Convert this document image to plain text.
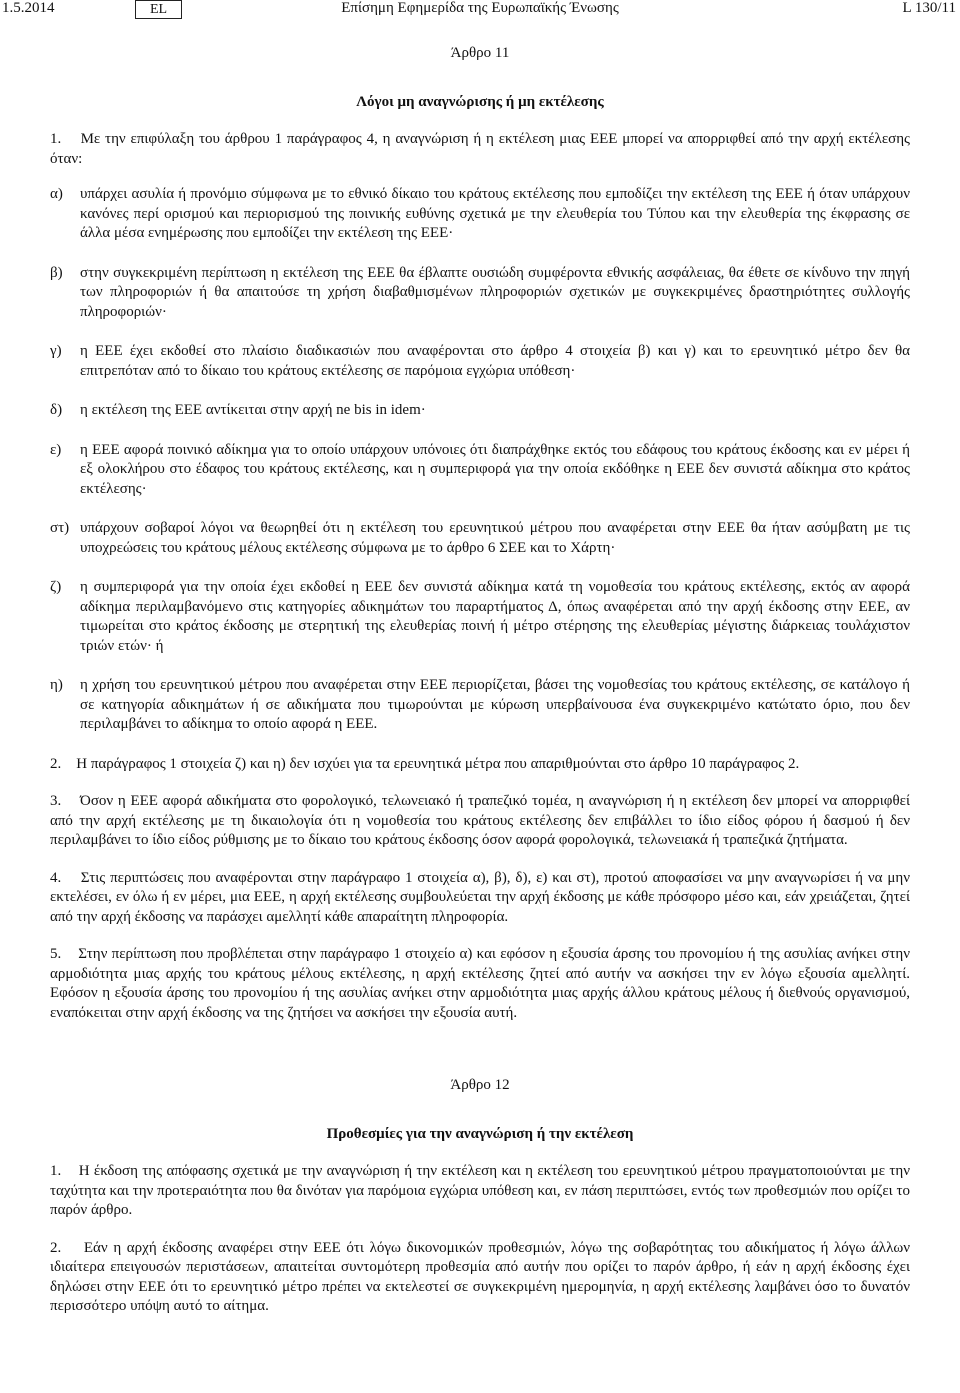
1.5.2014	EL	Επίσημη Εφημερίδα της Ευρωπαϊκής Ένωσης	L 130/11

Άρθρο 11

Λόγοι μη αναγνώρισης ή μη εκτέλεσης

1. Με την επιφύλαξη του άρθρου 1 παράγραφος 4, η αναγνώριση ή η εκτέλεση μιας ΕΕΕ μπορεί να απορριφθεί από την αρχή εκτέλεσης όταν:

α)	υπάρχει ασυλία ή προνόμιο σύμφωνα με το εθνικό δίκαιο του κράτους εκτέλεσης που εμποδίζει την εκτέλεση της ΕΕΕ ή όταν υπάρχουν κανόνες περί ορισμού και περιορισμού της ποινικής ευθύνης σχετικά με την ελευθερία του Τύπου και την ελευθερία της έκφρασης σε άλλα μέσα ενημέρωσης που εμποδίζει την εκτέλεση της ΕΕΕ·
β)	στην συγκεκριμένη περίπτωση η εκτέλεση της ΕΕΕ θα έβλαπτε ουσιώδη συμφέροντα εθνικής ασφάλειας, θα έθετε σε κίνδυνο την πηγή των πληροφοριών ή θα απαιτούσε τη χρήση διαβαθμισμένων πληροφοριών σχετικών με συγκεκριμένες δραστηριότητες συλλογής πληροφοριών·
γ)	η ΕΕΕ έχει εκδοθεί στο πλαίσιο διαδικασιών που αναφέρονται στο άρθρο 4 στοιχεία β) και γ) και το ερευνητικό μέτρο δεν θα επιτρεπόταν από το δίκαιο του κράτους εκτέλεσης σε παρόμοια εγχώρια υπόθεση·
δ)	η εκτέλεση της ΕΕΕ αντίκειται στην αρχή ne bis in idem·
ε)	η ΕΕΕ αφορά ποινικό αδίκημα για το οποίο υπάρχουν υπόνοιες ότι διαπράχθηκε εκτός του εδάφους του κράτους έκδοσης και εν μέρει ή εξ ολοκλήρου στο έδαφος του κράτους εκτέλεσης, και η συμπεριφορά για την οποία εκδόθηκε η ΕΕΕ δεν συνιστά αδίκημα στο κράτος εκτέλεσης·
στ) υπάρχουν σοβαροί λόγοι να θεωρηθεί ότι η εκτέλεση του ερευνητικού μέτρου που αναφέρεται στην ΕΕΕ θα ήταν ασύμβατη με τις υποχρεώσεις του κράτους μέλους εκτέλεσης σύμφωνα με το άρθρο 6 ΣΕΕ και το Χάρτη·
ζ)	η συμπεριφορά για την οποία έχει εκδοθεί η ΕΕΕ δεν συνιστά αδίκημα κατά τη νομοθεσία του κράτους εκτέλεσης, εκτός αν αφορά αδίκημα περιλαμβανόμενο στις κατηγορίες αδικημάτων του παραρτήματος Δ, όπως αναφέρεται από την αρχή έκδοσης στην ΕΕΕ, αν τιμωρείται στο κράτος έκδοσης με στερητική της ελευθερίας ποινή ή μέτρο στέρησης της ελευθερίας μέγιστης διάρκειας τουλάχιστον τριών ετών· ή
η)	η χρήση του ερευνητικού μέτρου που αναφέρεται στην ΕΕΕ περιορίζεται, βάσει της νομοθεσίας του κράτους εκτέλεσης, σε κατάλογο ή σε κατηγορία αδικημάτων ή σε αδικήματα που τιμωρούνται με κύρωση υπερβαίνουσα ένα συγκεκριμένο κατώτατο όριο, που δεν περιλαμβάνει το αδίκημα το οποίο αφορά η ΕΕΕ.

2. Η παράγραφος 1 στοιχεία ζ) και η) δεν ισχύει για τα ερευνητικά μέτρα που απαριθμούνται στο άρθρο 10 παράγραφος 2.

3. Όσον η ΕΕΕ αφορά αδικήματα στο φορολογικό, τελωνειακό ή τραπεζικό τομέα, η αναγνώριση ή η εκτέλεση δεν μπορεί να απορριφθεί από την αρχή εκτέλεσης με τη δικαιολογία ότι η νομοθεσία του κράτους εκτέλεσης δεν επιβάλλει το ίδιο είδος φόρου ή δασμού ή δεν περιλαμβάνει το ίδιο είδος ρύθμισης με το δίκαιο του κράτους έκδοσης όσον αφορά φορολογικά, τελωνειακά ή τραπεζικά ζητήματα.

4. Στις περιπτώσεις που αναφέρονται στην παράγραφο 1 στοιχεία α), β), δ), ε) και στ), προτού αποφασίσει να μην αναγνωρίσει ή να μην εκτελέσει, εν όλω ή εν μέρει, μια ΕΕΕ, η αρχή εκτέλεσης συμβουλεύεται την αρχή έκδοσης με κάθε πρόσφορο μέσο και, εάν χρειάζεται, ζητεί από την αρχή έκδοσης να παράσχει αμελλητί κάθε απαραίτητη πληροφορία.

5. Στην περίπτωση που προβλέπεται στην παράγραφο 1 στοιχείο α) και εφόσον η εξουσία άρσης του προνομίου ή της ασυλίας ανήκει στην αρμοδιότητα μιας αρχής του κράτους μέλους εκτέλεσης, η αρχή εκτέλεσης ζητεί από αυτήν να ασκήσει την εν λόγω εξουσία αμελλητί. Εφόσον η εξουσία άρσης του προνομίου ή της ασυλίας ανήκει στην αρμοδιότητα μιας αρχής άλλου κράτους μέλους ή διεθνούς οργανισμού, εναπόκειται στην αρχή έκδοσης να της ζητήσει να ασκήσει την εξουσία αυτή.

Άρθρο 12

Προθεσμίες για την αναγνώριση ή την εκτέλεση

1. Η έκδοση της απόφασης σχετικά με την αναγνώριση ή την εκτέλεση και η εκτέλεση του ερευνητικού μέτρου πραγματοποιούνται με την ταχύτητα και την προτεραιότητα που θα δινόταν για παρόμοια εγχώρια υπόθεση και, εν πάση περιπτώσει, εντός των προθεσμιών που ορίζει το παρόν άρθρο.

2. Εάν η αρχή έκδοσης αναφέρει στην ΕΕΕ ότι λόγω δικονομικών προθεσμιών, λόγω της σοβαρότητας του αδικήματος ή λόγω άλλων ιδιαίτερα επειγουσών περιστάσεων, απαιτείται συντομότερη προθεσμία από αυτήν που ορίζει το παρόν άρθρο, ή εάν η αρχή έκδοσης έχει δηλώσει στην ΕΕΕ ότι το ερευνητικό μέτρο πρέπει να εκτελεστεί σε συγκεκριμένη ημερομηνία, η αρχή εκτέλεσης λαμβάνει όσο το δυνατόν περισσότερο υπόψη αυτό το αίτημα.
